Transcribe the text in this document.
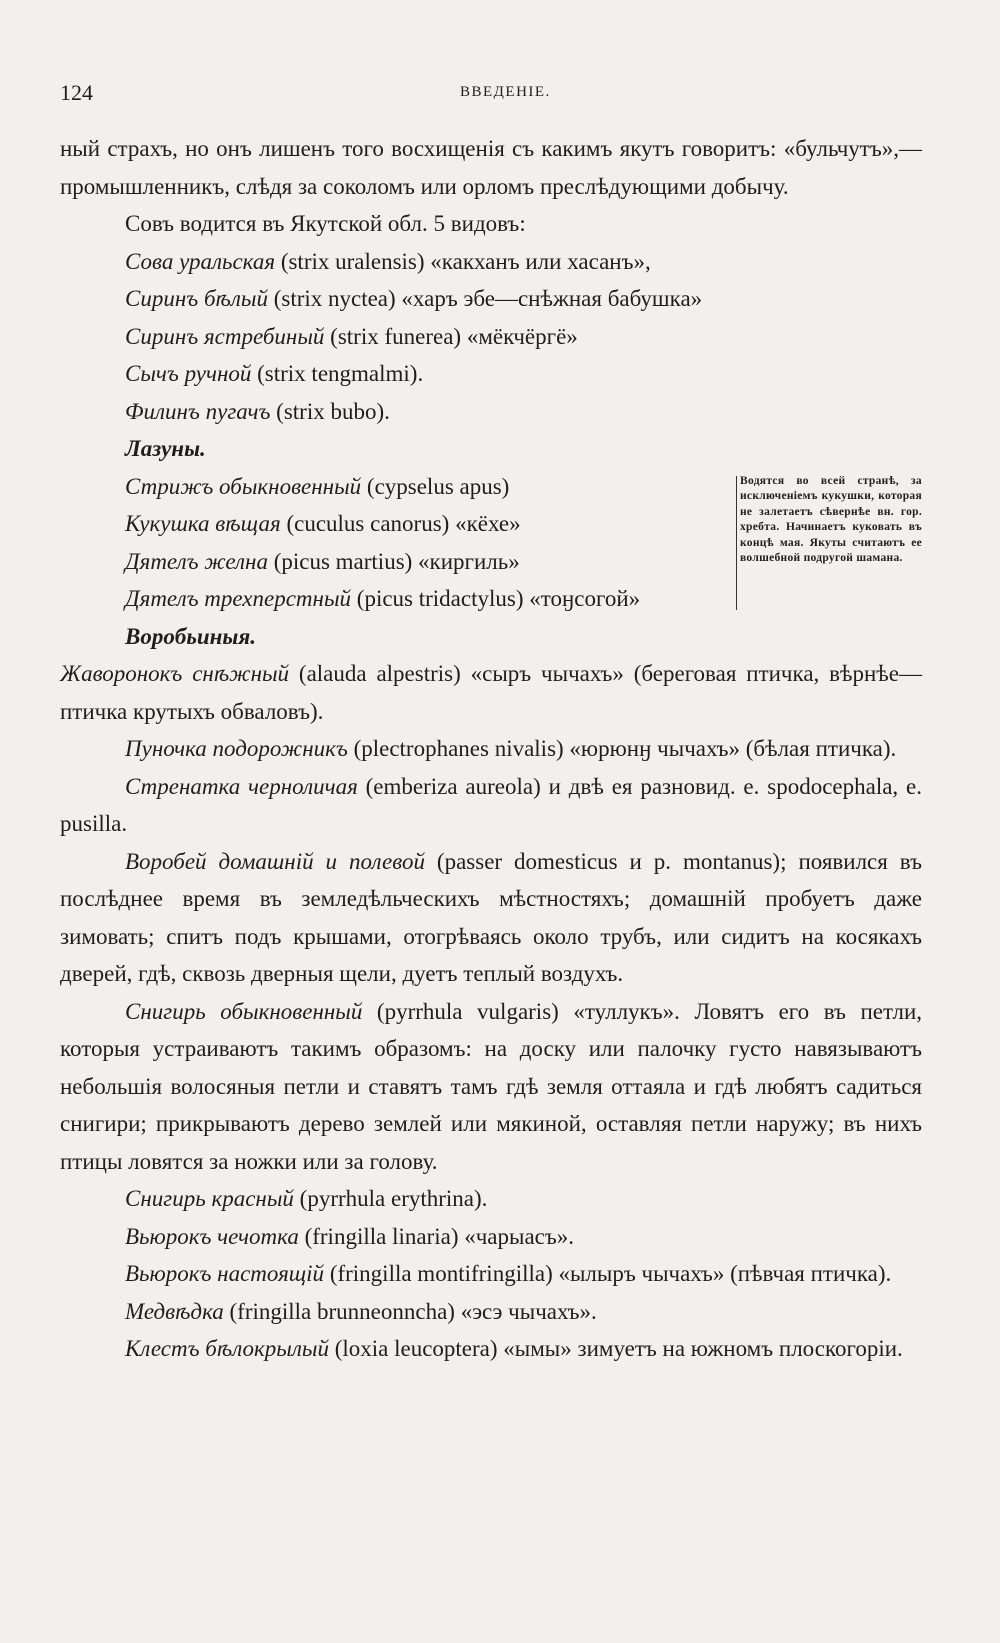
124	ВВЕДЕНІЕ.

ный страхъ, но онъ лишенъ того восхищенія съ какимъ якутъ говоритъ: «бульчутъ»,—промышленникъ, слѣдя за соколомъ или орломъ преслѣдующими добычу.

Совъ водится въ Якутской обл. 5 видовъ:

Сова уральская (strix uralensis) «какханъ или хасанъ»,

Сиринъ бѣлый (strix nyctea) «харъ эбе—снѣжная бабушка»

Сиринъ ястребиный (strix funerea) «мёкчёргё»

Сычъ ручной (strix tengmalmi).

Филинъ пугачъ (strix bubo).

Лазуны.

Стрижъ обыкновенный (cypselus apus)

Кукушка вѣщая (cuculus canorus) «кёхе»

Дятелъ желна (picus martius) «киргиль»

Дятелъ трехперстный (picus tridactylus) «тоӈсогой»

Водятся во всей странѣ, за исключеніемъ кукушки, которая не залетаетъ сѣвернѣе вн. гор. хребта. Начинаетъ куковать въ концѣ мая. Якуты считаютъ ее волшебной подругой шамана.

Воробьиныя.

Жаворонокъ снѣжный (alauda alpestris) «сыръ чычахъ» (береговая птичка, вѣрнѣе—птичка крутыхъ обваловъ).

Пуночка подорожникъ (plectrophanes nivalis) «юрюнӈ чычахъ» (бѣлая птичка).

Стренатка черноличая (emberiza aureola) и двѣ ея разновид. e. spodocephala, e. pusilla.

Воробей домашній и полевой (passer domesticus и p. montanus); появился въ послѣднее время въ земледѣльческихъ мѣстностяхъ; домашній пробуетъ даже зимовать; спитъ подъ крышами, отогрѣваясь около трубъ, или сидитъ на косякахъ дверей, гдѣ, сквозь дверныя щели, дуетъ теплый воздухъ.

Снигирь обыкновенный (pyrrhula vulgaris) «туллукъ». Ловятъ его въ петли, которыя устраиваютъ такимъ образомъ: на доску или палочку густо навязываютъ небольшія волосяныя петли и ставятъ тамъ гдѣ земля оттаяла и гдѣ любятъ садиться снигири; прикрываютъ дерево землей или мякиной, оставляя петли наружу; въ нихъ птицы ловятся за ножки или за голову.

Снигирь красный (pyrrhula erythrina).

Вьюрокъ чечотка (fringilla linaria) «чарыасъ».

Вьюрокъ настоящій (fringilla montifringilla) «ылыръ чычахъ» (пѣвчая птичка).

Медвѣдка (fringilla brunneonncha) «эсэ чычахъ».

Клестъ бѣлокрылый (loxia leucoptera) «ымы» зимуетъ на южномъ плоскогоріи.
